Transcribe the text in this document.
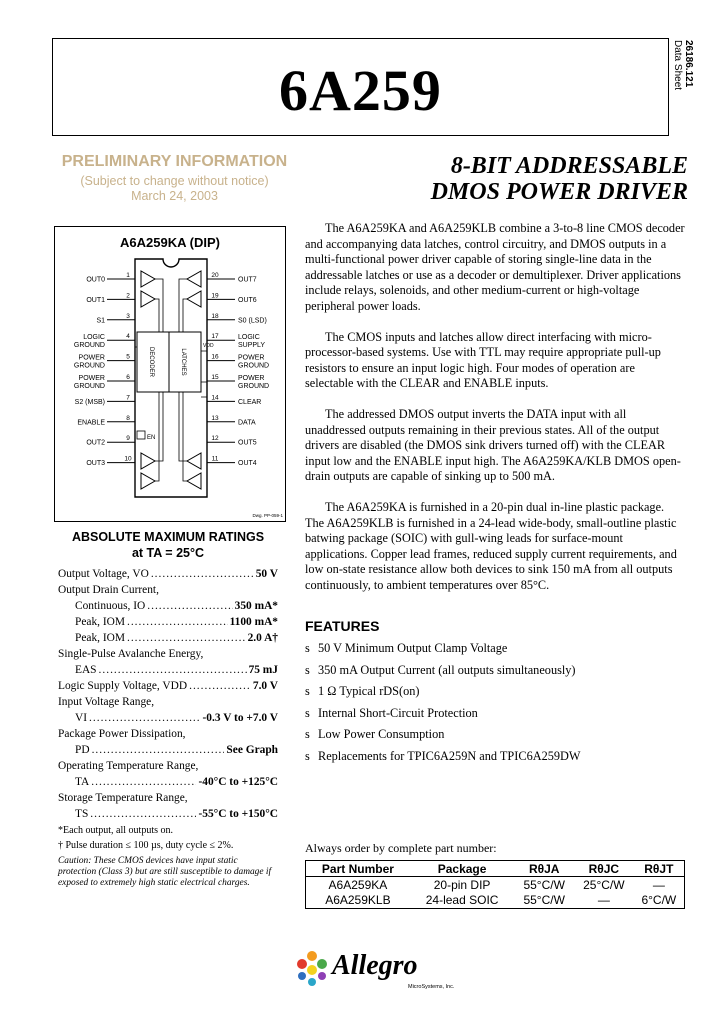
6A259	Data Sheet 26186.121
PRELIMINARY INFORMATION
(Subject to change without notice)
March 24, 2003
8-BIT ADDRESSABLE
DMOS POWER DRIVER
A6A259KA (DIP)
DECODER	LATCHES
VDD
EN
Dwg. PP-059-1
1
OUT0
2
OUT1
3
S1
4
LOGIC
GROUND
5
POWER
GROUND
6
POWER
GROUND
7
S2 (MSB)
8
ENABLE
9
OUT2
10
OUT3
20
OUT7
19
OUT6
18
S0 (LSD)
17	LOGIC
SUPPLY
16	POWER
GROUND
15	POWER
GROUND
14
CLEAR
13
DATA
12
OUT5
11
OUT4
ABSOLUTE MAXIMUM RATINGS
at TA = 25°C
Output Voltage, VO .....	50 V
Output Drain Current,
Continuous, IO .....	350 mA*
Peak, IOM .....	1100 mA*
Peak, IOM .....	2.0 A†
Single-Pulse Avalanche Energy,
EAS .....	75 mJ
Logic Supply Voltage, VDD .....	7.0 V
Input Voltage Range,
VI .....	-0.3 V to +7.0 V
Package Power Dissipation,
PD .....	See Graph
Operating Temperature Range,
TA .....	-40°C to +125°C
Storage Temperature Range,
TS .....	-55°C to +150°C
*Each output, all outputs on.
† Pulse duration ≤ 100 µs, duty cycle ≤ 2%.
Caution: These CMOS devices have input static protection (Class 3) but are still susceptible to damage if exposed to extremely high static electrical charges.

The A6A259KA and A6A259KLB combine a 3-to-8 line CMOS decoder and accompanying data latches, control circuitry, and DMOS outputs in a multi-functional power driver capable of storing single-line data in the addressable latches or use as a decoder or demultiplexer. Driver applications include relays, solenoids, and other medium-current or high-voltage peripheral power loads.

The CMOS inputs and latches allow direct interfacing with micro-processor-based systems. Use with TTL may require appropriate pull-up resistors to ensure an input logic high. Four modes of operation are selectable with the CLEAR and ENABLE inputs.

The addressed DMOS output inverts the DATA input with all unaddressed outputs remaining in their previous states. All of the output drivers are disabled (the DMOS sink drivers turned off) with the CLEAR input low and the ENABLE input high. The A6A259KA/KLB DMOS open-drain outputs are capable of sinking up to 500 mA.

The A6A259KA is furnished in a 20-pin dual in-line plastic package. The A6A259KLB is furnished in a 24-lead wide-body, small-outline plastic batwing package (SOIC) with gull-wing leads for surface-mount applications. Copper lead frames, reduced supply current requirements, and low on-state resistance allow both devices to sink 150 mA from all outputs continuously, to ambient temperatures over 85°C.

FEATURES
s 50 V Minimum Output Clamp Voltage
s 350 mA Output Current (all outputs simultaneously)
s 1 Ω Typical rDS(on)
s Internal Short-Circuit Protection
s Low Power Consumption
s Replacements for TPIC6A259N and TPIC6A259DW
Always order by complete part number:
Part Number	Package	RθJA	RθJC	RθJT
A6A259KA	20-pin DIP	55°C/W	25°C/W	—
A6A259KLB	24-lead SOIC	55°C/W	—	6°C/W
Allegro
MicroSystems, Inc.
